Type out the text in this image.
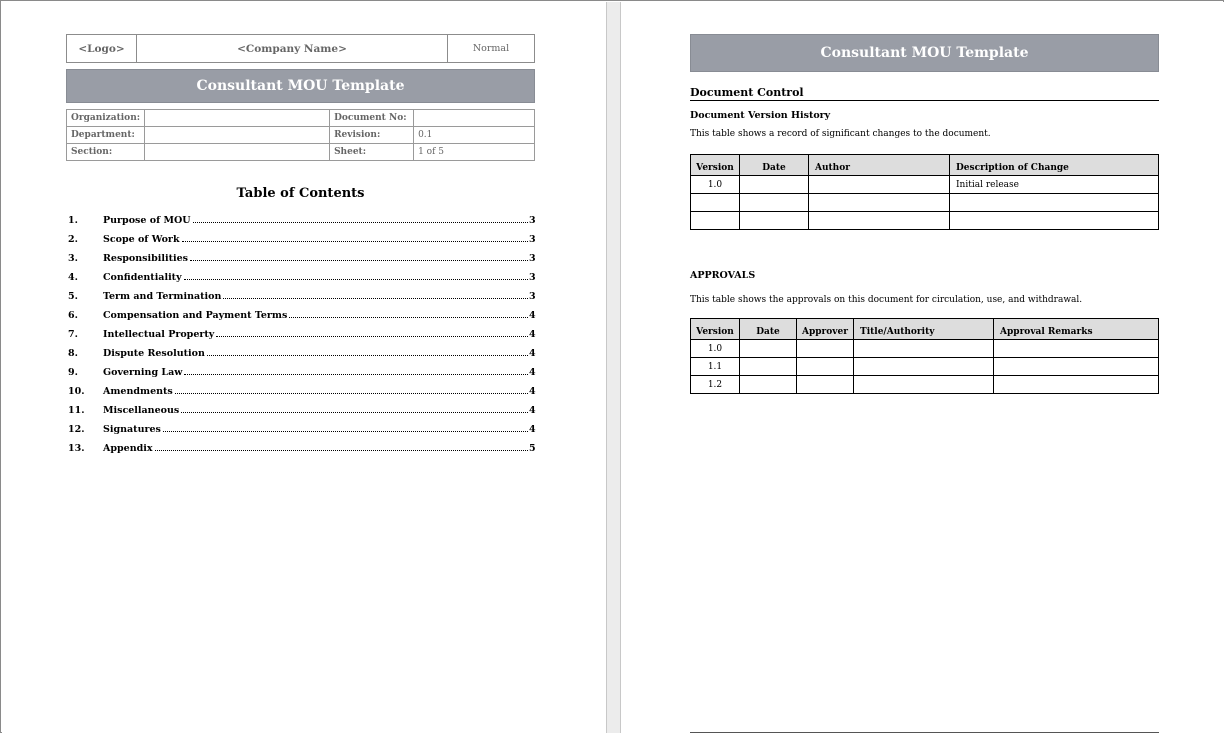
<Logo>	<Company Name>	Normal
Consultant MOU Template
Organization:		Document No:	
Department:		Revision:	0.1
Section:		Sheet:	1 of 5
Table of Contents
1.	Purpose of MOU	3
2.	Scope of Work	3
3.	Responsibilities	3
4.	Confidentiality	3
5.	Term and Termination	3
6.	Compensation and Payment Terms	4
7.	Intellectual Property	4
8.	Dispute Resolution	4
9.	Governing Law	4
10.	Amendments	4
11.	Miscellaneous	4
12.	Signatures	4
13.	Appendix	5
Consultant MOU Template
Document Control
Document Version History
This table shows a record of significant changes to the document.
Version	Date	Author	Description of Change
1.0			Initial release

APPROVALS
This table shows the approvals on this document for circulation, use, and withdrawal.
Version	Date	Approver	Title/Authority	Approval Remarks
1.0				
1.1				
1.2				
